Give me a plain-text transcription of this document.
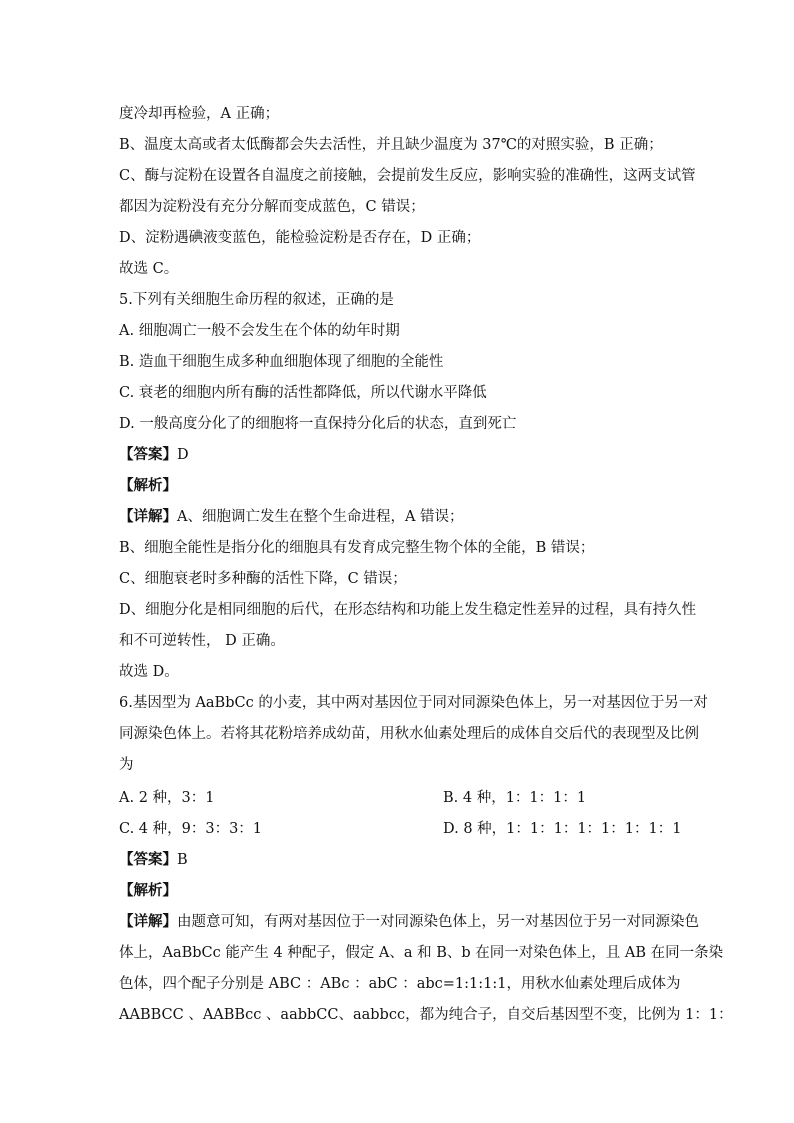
度冷却再检验，A 正确；
B、温度太高或者太低酶都会失去活性，并且缺少温度为 37℃的对照实验，B 正确；
C、酶与淀粉在设置各自温度之前接触，会提前发生反应，影响实验的准确性，这两支试管
都因为淀粉没有充分分解而变成蓝色，C 错误；
D、淀粉遇碘液变蓝色，能检验淀粉是否存在，D 正确；
故选 C。
5.下列有关细胞生命历程的叙述，正确的是
A. 细胞凋亡一般不会发生在个体的幼年时期
B. 造血干细胞生成多种血细胞体现了细胞的全能性
C. 衰老的细胞内所有酶的活性都降低，所以代谢水平降低
D. 一般高度分化了的细胞将一直保持分化后的状态，直到死亡
【答案】D
【解析】
【详解】A、细胞调亡发生在整个生命进程，A 错误；
B、细胞全能性是指分化的细胞具有发育成完整生物个体的全能，B 错误；
C、细胞衰老时多种酶的活性下降，C 错误；
D、细胞分化是相同细胞的后代，在形态结构和功能上发生稳定性差异的过程，具有持久性
和不可逆转性， D 正确。
故选 D。
6.基因型为 AaBbCc 的小麦，其中两对基因位于同对同源染色体上，另一对基因位于另一对
同源染色体上。若将其花粉培养成幼苗，用秋水仙素处理后的成体自交后代的表现型及比例
为
A. 2 种，3：1	B. 4 种，1：1：1：1
C. 4 种，9：3：3：1	D. 8 种，1：1：1：1：1：1：1：1
【答案】B
【解析】
【详解】由题意可知，有两对基因位于一对同源染色体上，另一对基因位于另一对同源染色
体上，AaBbCc 能产生 4 种配子，假定 A、a 和 B、b 在同一对染色体上，且 AB 在同一条染
色体，四个配子分别是 ABC ：ABc ：abC ：abc=1:1:1:1，用秋水仙素处理后成体为
AABBCC 、AABBcc 、aabbCC、aabbcc，都为纯合子，自交后基因型不变，比例为 1：1：
